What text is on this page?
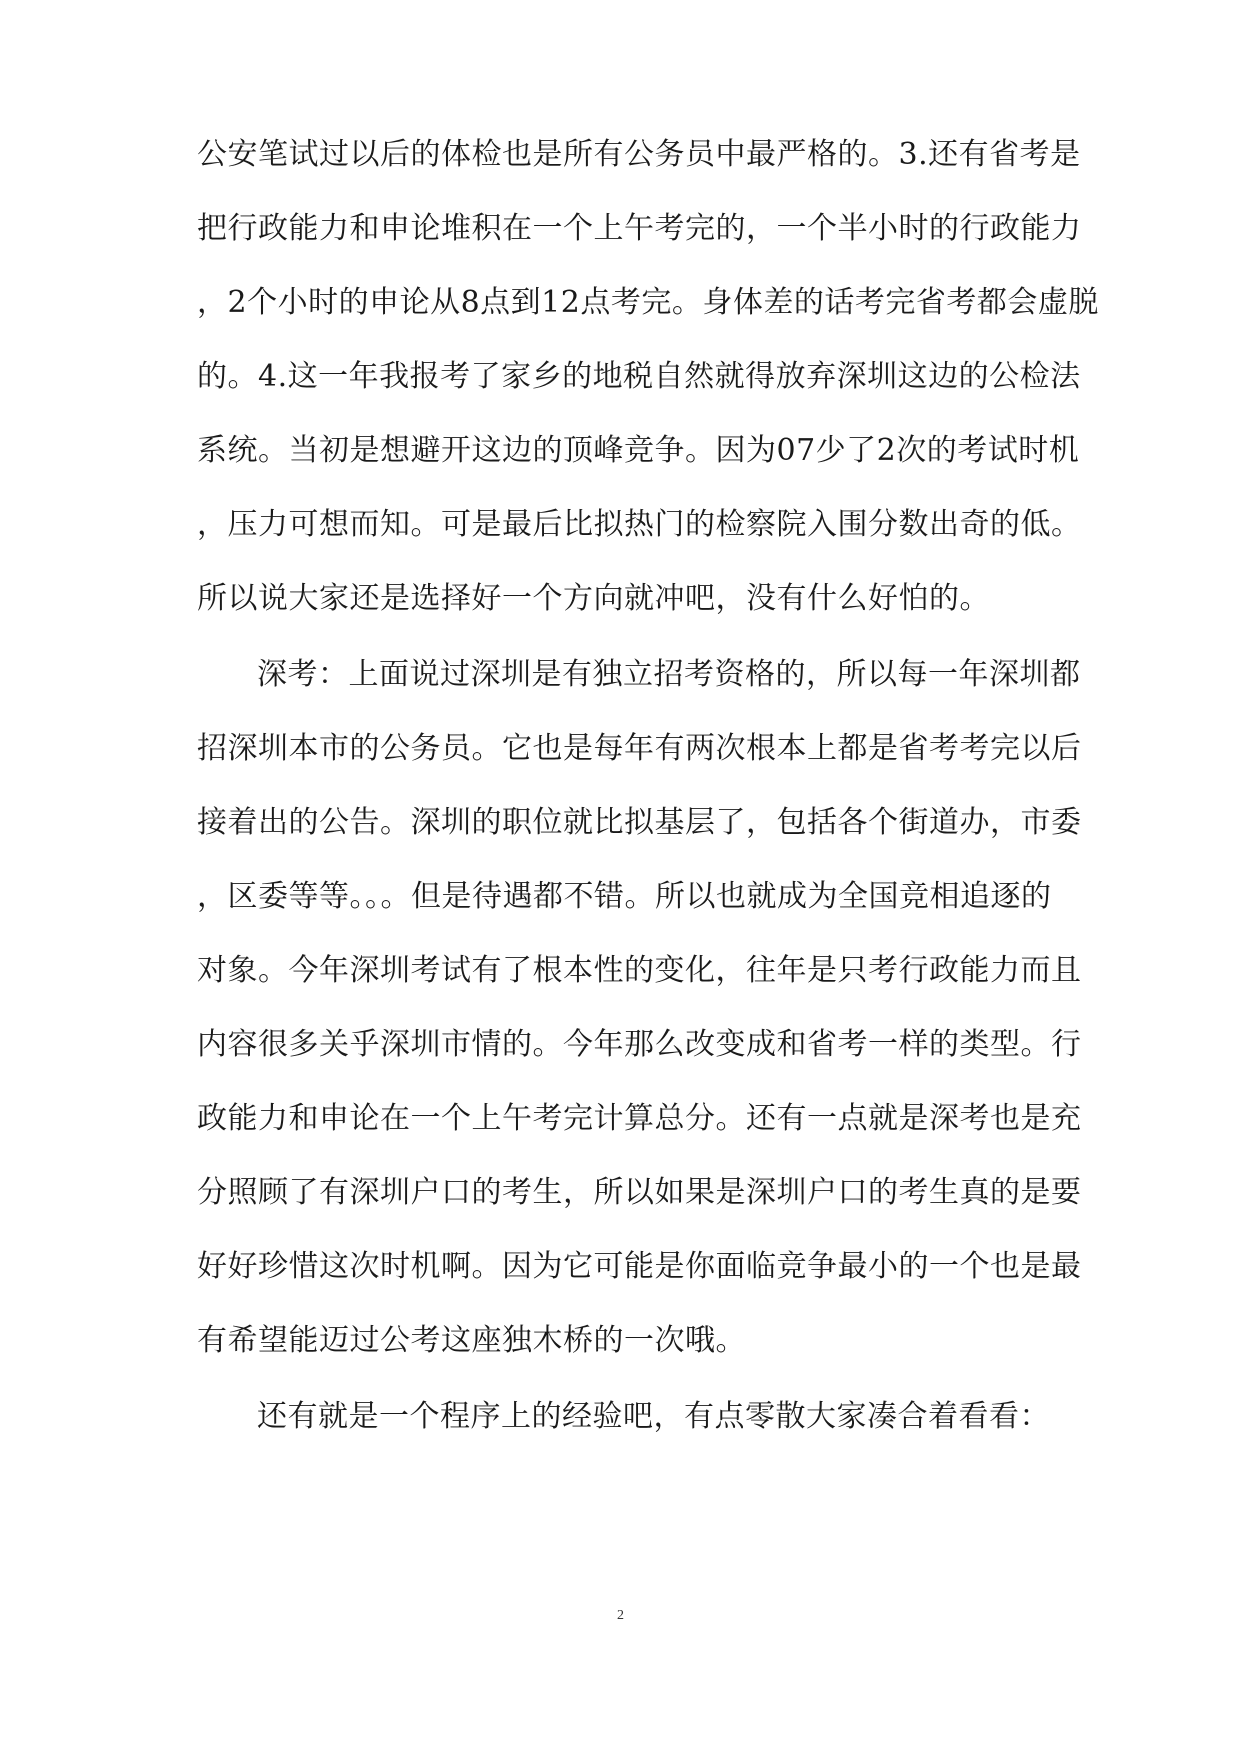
公安笔试过以后的体检也是所有公务员中最严格的。3.还有省考是
把行政能力和申论堆积在一个上午考完的，一个半小时的行政能力
，2个小时的申论从8点到12点考完。身体差的话考完省考都会虚脱
的。4.这一年我报考了家乡的地税自然就得放弃深圳这边的公检法
系统。当初是想避开这边的顶峰竞争。因为07少了2次的考试时机
，压力可想而知。可是最后比拟热门的检察院入围分数出奇的低。
所以说大家还是选择好一个方向就冲吧，没有什么好怕的。
深考：上面说过深圳是有独立招考资格的，所以每一年深圳都
招深圳本市的公务员。它也是每年有两次根本上都是省考考完以后
接着出的公告。深圳的职位就比拟基层了，包括各个街道办，市委
，区委等等。。。但是待遇都不错。所以也就成为全国竞相追逐的
对象。今年深圳考试有了根本性的变化，往年是只考行政能力而且
内容很多关乎深圳市情的。今年那么改变成和省考一样的类型。行
政能力和申论在一个上午考完计算总分。还有一点就是深考也是充
分照顾了有深圳户口的考生，所以如果是深圳户口的考生真的是要
好好珍惜这次时机啊。因为它可能是你面临竞争最小的一个也是最
有希望能迈过公考这座独木桥的一次哦。
还有就是一个程序上的经验吧，有点零散大家凑合着看看：
2
